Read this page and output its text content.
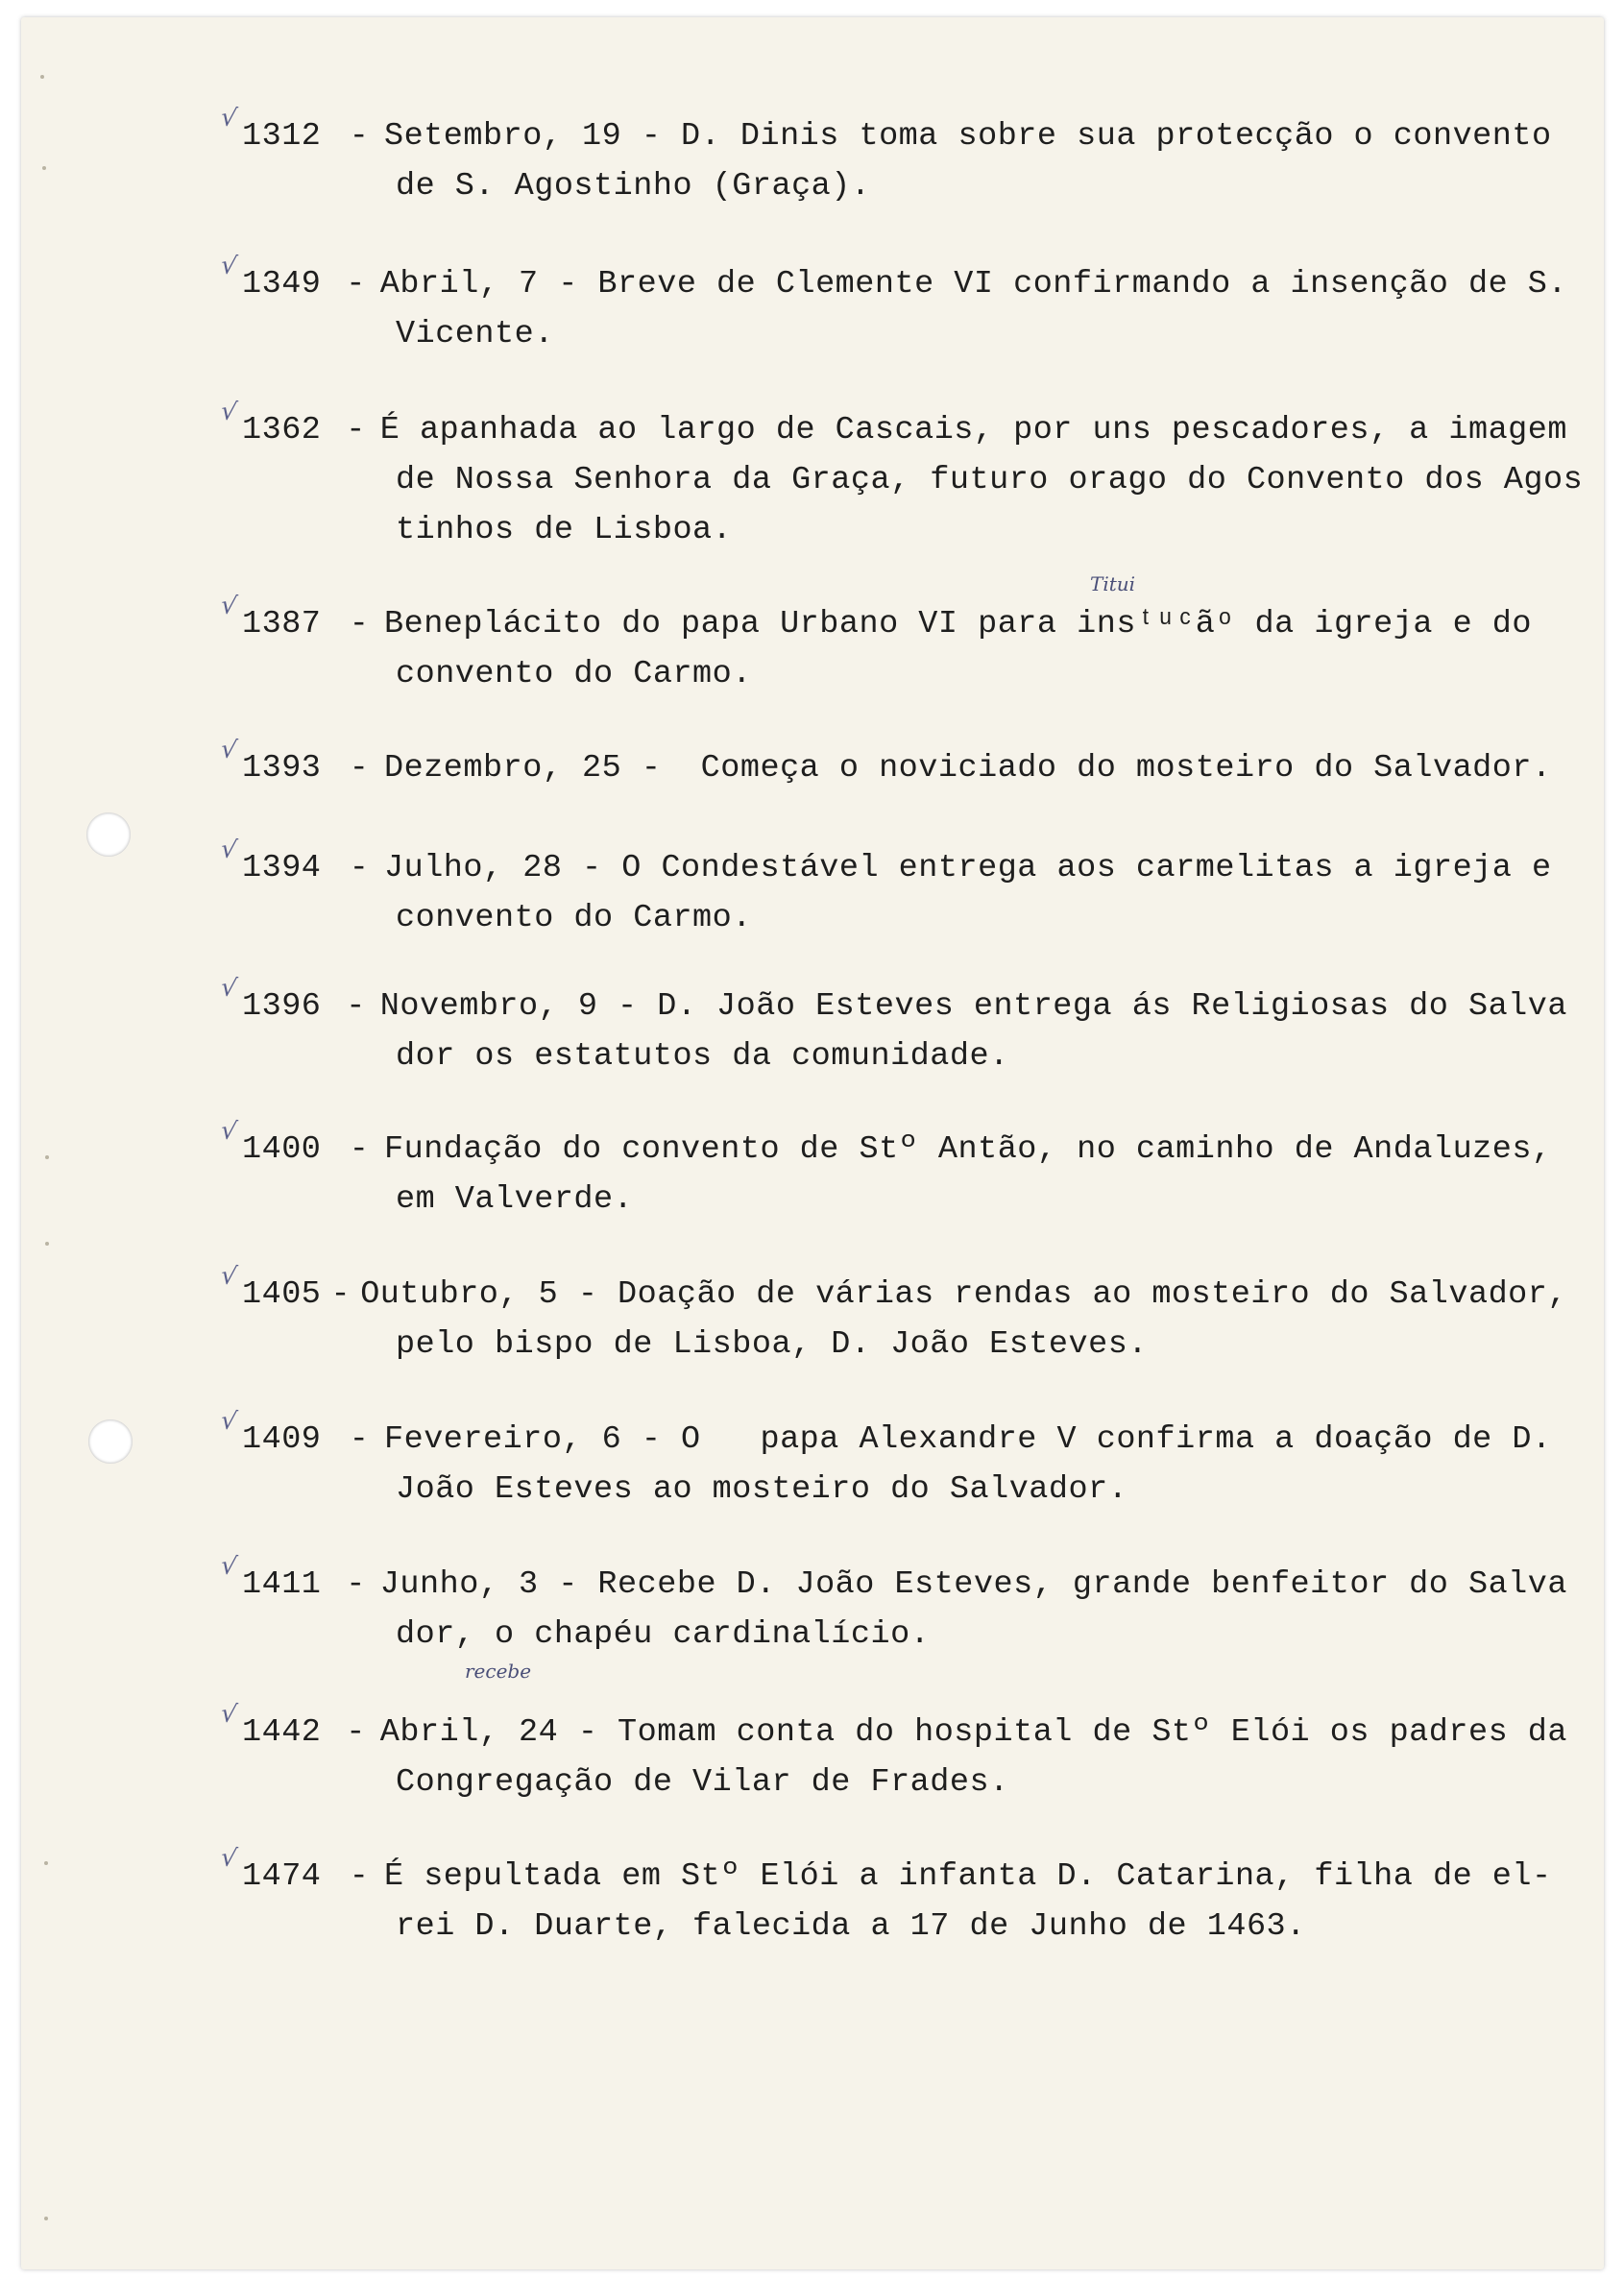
√
1312 - Setembro, 19 - D. Dinis toma sobre sua protecção o convento
de S. Agostinho (Graça).
√ 1349 - Abril, 7 - Breve de Clemente VI confirmando a insenção de S.
Vicente.
√ 1362 - É apanhada ao largo de Cascais, por uns pescadores, a imagem
de Nossa Senhora da Graça, futuro orago do Convento dos Agos
tinhos de Lisboa.
√ 1387 - Beneplácito do papa Urbano VI para insᵗᵘᶜãᵒ da igreja e do
convento do Carmo.
√ 1393 - Dezembro, 25 -  Começa o noviciado do mosteiro do Salvador.
√ 1394 - Julho, 28 - O Condestável entrega aos carmelitas a igreja e
convento do Carmo.
√ 1396 - Novembro, 9 - D. João Esteves entrega ás Religiosas do Salva
dor os estatutos da comunidade.
√ 1400 - Fundação do convento de Stº Antão, no caminho de Andaluzes,
em Valverde.
√ 1405 - Outubro, 5 - Doação de várias rendas ao mosteiro do Salvador,
pelo bispo de Lisboa, D. João Esteves.
√ 1409 - Fevereiro, 6 - O   papa Alexandre V confirma a doação de D.
João Esteves ao mosteiro do Salvador.
√ 1411 - Junho, 3 - Recebe D. João Esteves, grande benfeitor do Salva
dor, o chapéu cardinalício.
√ 1442 - Abril, 24 - Tomam conta do hospital de Stº Elói os padres da
Congregação de Vilar de Frades.
√ 1474 - É sepultada em Stº Elói a infanta D. Catarina, filha de el-
rei D. Duarte, falecida a 17 de Junho de 1463.
Titui
recebe
